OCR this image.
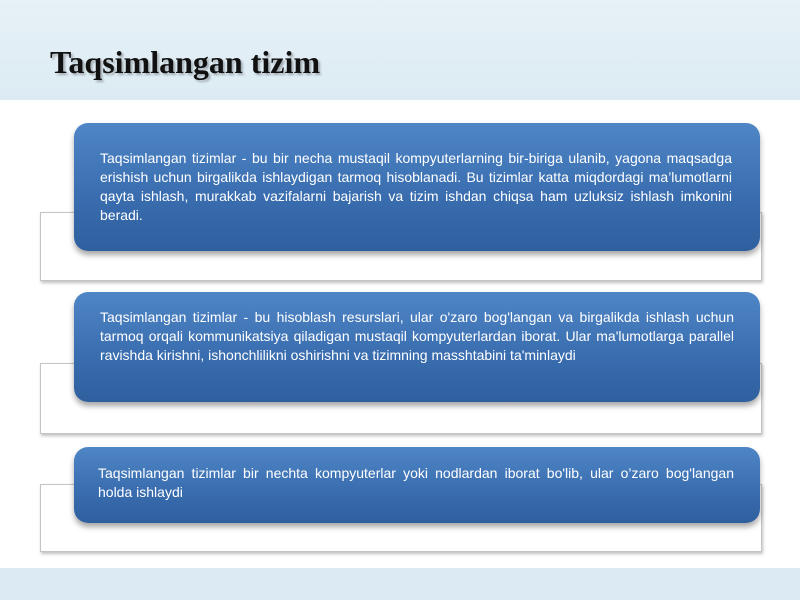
Taqsimlangan tizim

Taqsimlangan tizimlar - bu bir necha mustaqil kompyuterlarning bir-biriga ulanib, yagona maqsadga erishish uchun birgalikda ishlaydigan tarmoq hisoblanadi. Bu tizimlar katta miqdordagi ma’lumotlarni qayta ishlash, murakkab vazifalarni bajarish va tizim ishdan chiqsa ham uzluksiz ishlash imkonini beradi.

Taqsimlangan tizimlar - bu hisoblash resurslari, ular o'zaro bog'langan va birgalikda ishlash uchun tarmoq orqali kommunikatsiya qiladigan mustaqil kompyuterlardan iborat. Ular ma'lumotlarga parallel ravishda kirishni, ishonchlilikni oshirishni va tizimning masshtabini ta'minlaydi

Taqsimlangan tizimlar bir nechta kompyuterlar yoki nodlardan iborat bo'lib, ular o’zaro bog'langan holda ishlaydi
